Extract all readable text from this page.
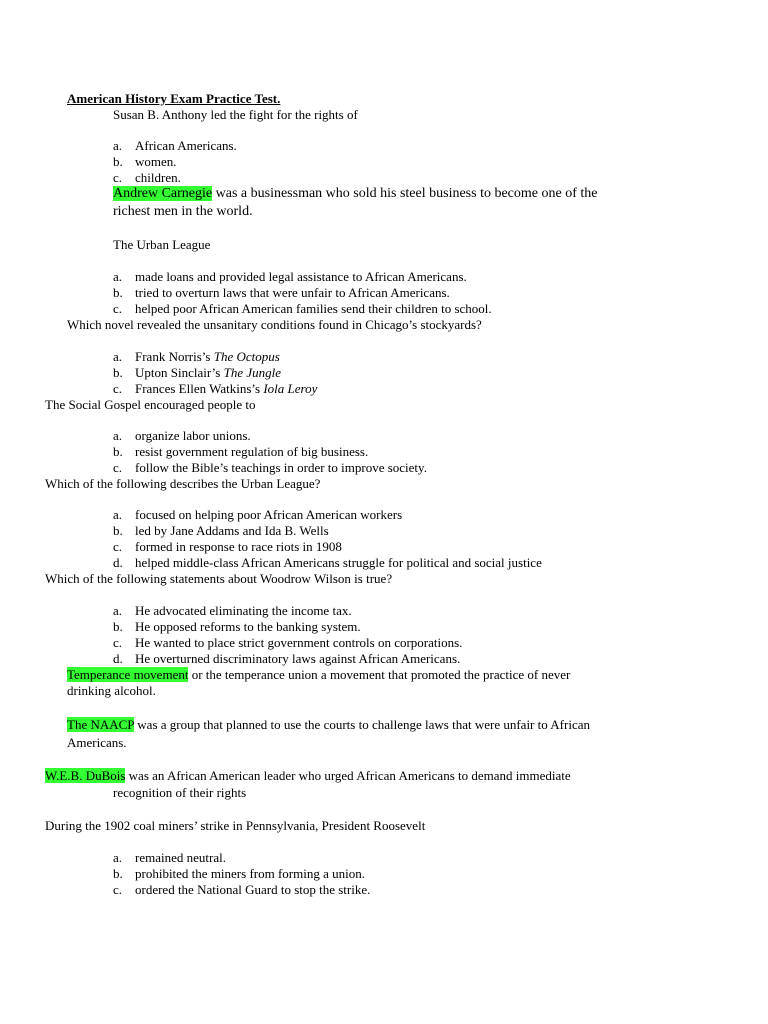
American History Exam Practice Test.
Susan B. Anthony led the fight for the rights of
a. African Americans.
b. women.
c. children.
Andrew Carnegie was a businessman who sold his steel business to become one of the
richest men in the world.
The Urban League
a. made loans and provided legal assistance to African Americans.
b. tried to overturn laws that were unfair to African Americans.
c. helped poor African American families send their children to school.
Which novel revealed the unsanitary conditions found in Chicago’s stockyards?
a. Frank Norris’s The Octopus
b. Upton Sinclair’s The Jungle
c. Frances Ellen Watkins’s Iola Leroy
The Social Gospel encouraged people to
a. organize labor unions.
b. resist government regulation of big business.
c. follow the Bible’s teachings in order to improve society.
Which of the following describes the Urban League?
a. focused on helping poor African American workers
b. led by Jane Addams and Ida B. Wells
c. formed in response to race riots in 1908
d. helped middle-class African Americans struggle for political and social justice
Which of the following statements about Woodrow Wilson is true?
a. He advocated eliminating the income tax.
b. He opposed reforms to the banking system.
c. He wanted to place strict government controls on corporations.
d. He overturned discriminatory laws against African Americans.
Temperance movement or the temperance union a movement that promoted the practice of never
drinking alcohol.
The NAACP was a group that planned to use the courts to challenge laws that were unfair to African
Americans.
W.E.B. DuBois was an African American leader who urged African Americans to demand immediate
recognition of their rights
During the 1902 coal miners’ strike in Pennsylvania, President Roosevelt
a. remained neutral.
b. prohibited the miners from forming a union.
c. ordered the National Guard to stop the strike.
